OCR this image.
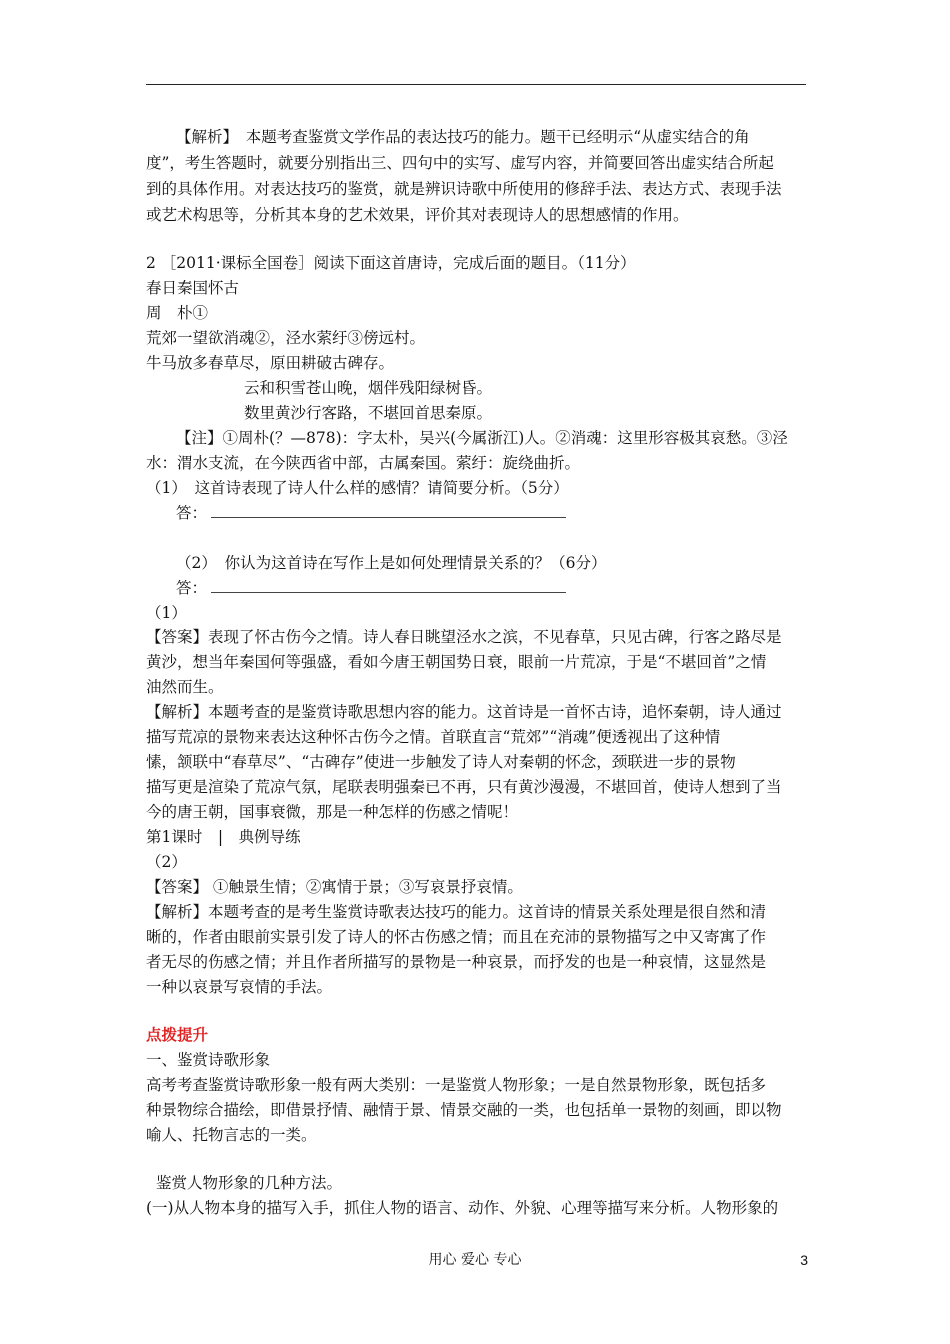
【解析】　本题考查鉴赏文学作品的表达技巧的能力。题干已经明示“从虚实结合的角
度”，考生答题时，就要分别指出三、四句中的实写、虚写内容，并简要回答出虚实结合所起
到的具体作用。对表达技巧的鉴赏，就是辨识诗歌中所使用的修辞手法、表达方式、表现手法
或艺术构思等，分析其本身的艺术效果，评价其对表现诗人的思想感情的作用。
2 ［2011·课标全国卷］阅读下面这首唐诗，完成后面的题目。（11分）
春日秦国怀古
周　朴①
荒郊一望欲消魂②，泾水萦纡③傍远村。
牛马放多春草尽，原田耕破古碑存。
云和积雪苍山晚，烟伴残阳绿树昏。
数里黄沙行客路，不堪回首思秦原。
【注】①周朴(？—878)：字太朴，吴兴(今属浙江)人。②消魂：这里形容极其哀愁。③泾
水：渭水支流，在今陕西省中部，古属秦国。萦纡：旋绕曲折。
（1）　这首诗表现了诗人什么样的感情？请简要分析。（5分）
答：
（2）　你认为这首诗在写作上是如何处理情景关系的？（6分）
答：
（1）
【答案】表现了怀古伤今之情。诗人春日眺望泾水之滨，不见春草，只见古碑，行客之路尽是
黄沙，想当年秦国何等强盛，看如今唐王朝国势日衰，眼前一片荒凉，于是“不堪回首”之情
油然而生。
【解析】本题考查的是鉴赏诗歌思想内容的能力。这首诗是一首怀古诗，追怀秦朝，诗人通过
描写荒凉的景物来表达这种怀古伤今之情。首联直言“荒郊”“消魂”便透视出了这种情
愫，颔联中“春草尽”、“古碑存”使进一步触发了诗人对秦朝的怀念，颈联进一步的景物
描写更是渲染了荒凉气氛，尾联表明强秦已不再，只有黄沙漫漫，不堪回首，使诗人想到了当
今的唐王朝，国事衰微，那是一种怎样的伤感之情呢！
第1课时　|　典例导练
（2）
【答案】 ①触景生情；②寓情于景；③写哀景抒哀情。
【解析】本题考查的是考生鉴赏诗歌表达技巧的能力。这首诗的情景关系处理是很自然和清
晰的，作者由眼前实景引发了诗人的怀古伤感之情；而且在充沛的景物描写之中又寄寓了作
者无尽的伤感之情；并且作者所描写的景物是一种哀景，而抒发的也是一种哀情，这显然是
一种以哀景写哀情的手法。
点拨提升
一、鉴赏诗歌形象
高考考查鉴赏诗歌形象一般有两大类别：一是鉴赏人物形象；一是自然景物形象，既包括多
种景物综合描绘，即借景抒情、融情于景、情景交融的一类，也包括单一景物的刻画，即以物
喻人、托物言志的一类。
鉴赏人物形象的几种方法。
(一)从人物本身的描写入手，抓住人物的语言、动作、外貌、心理等描写来分析。人物形象的
用心 爱心 专心	3
